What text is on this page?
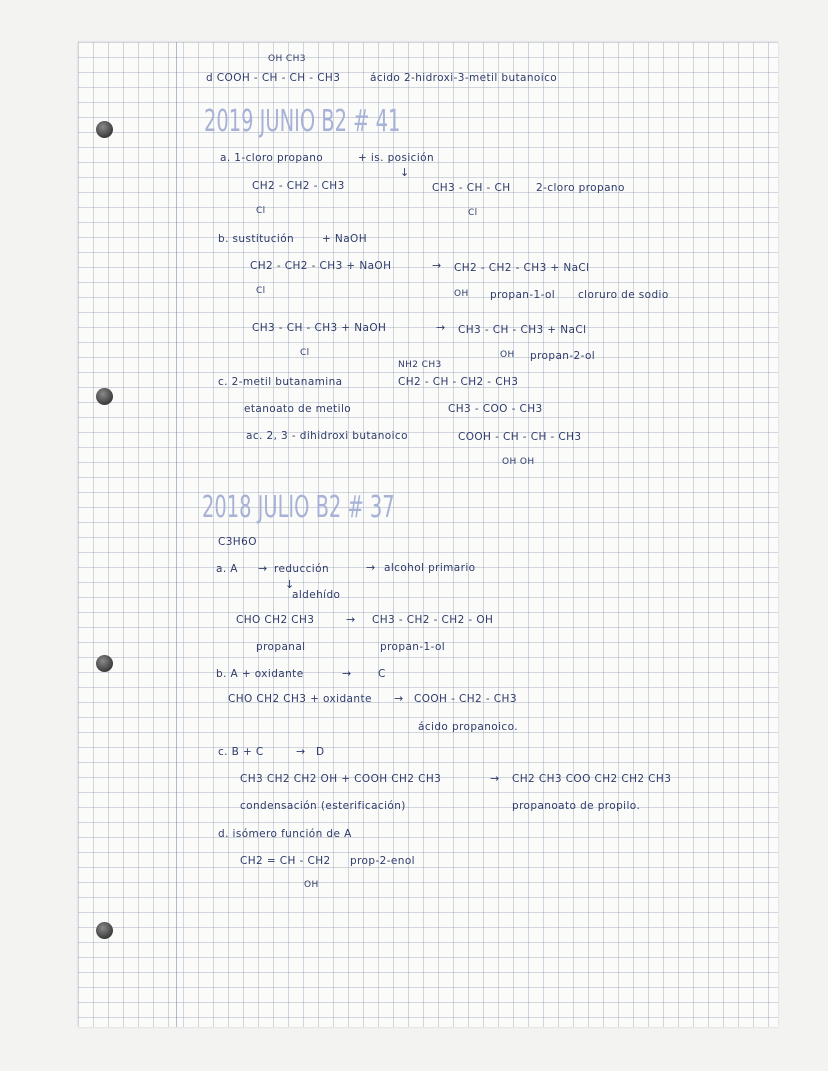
OH CH3
d COOH - CH - CH - CH3	ácido 2-hidroxi-3-metil butanoico
2019 JUNIO B2 # 41
a. 1-cloro propano	+ is. posición
↓
CH2 - CH2 - CH3
Cl
CH3 - CH - CH
Cl
2-cloro propano
b. sustitución	+ NaOH
CH2 - CH2 - CH3 + NaOH	→ CH2 - CH2 - CH3 + NaCl
Cl	OH propan-1-ol cloruro de sodio
CH3 - CH - CH3 + NaOH	→ CH3 - CH - CH3 + NaCl
Cl	OH propan-2-ol
NH2 CH3
c. 2-metil butanamina	CH2 - CH - CH2 - CH3
etanoato de metilo	CH3 - COO - CH3
ac. 2, 3 - dihidroxi butanoico	COOH - CH - CH - CH3
OH OH
2018 JULIO B2 # 37
C3H6O
a. A → reducción	→ alcohol primario
↓
aldehído
CHO CH2 CH3	→ CH3 - CH2 - CH2 - OH
propanal	propan-1-ol
b. A + oxidante	→	C
CHO CH2 CH3 + oxidante → COOH - CH2 - CH3
ácido propanoico.
c. B + C	→ D
CH3 CH2 CH2 OH + COOH CH2 CH3	→ CH2 CH3 COO CH2 CH2 CH3
condensación (esterificación)	propanoato de propilo.
d. isómero función de A
CH2 = CH - CH2
OH
prop-2-enol
